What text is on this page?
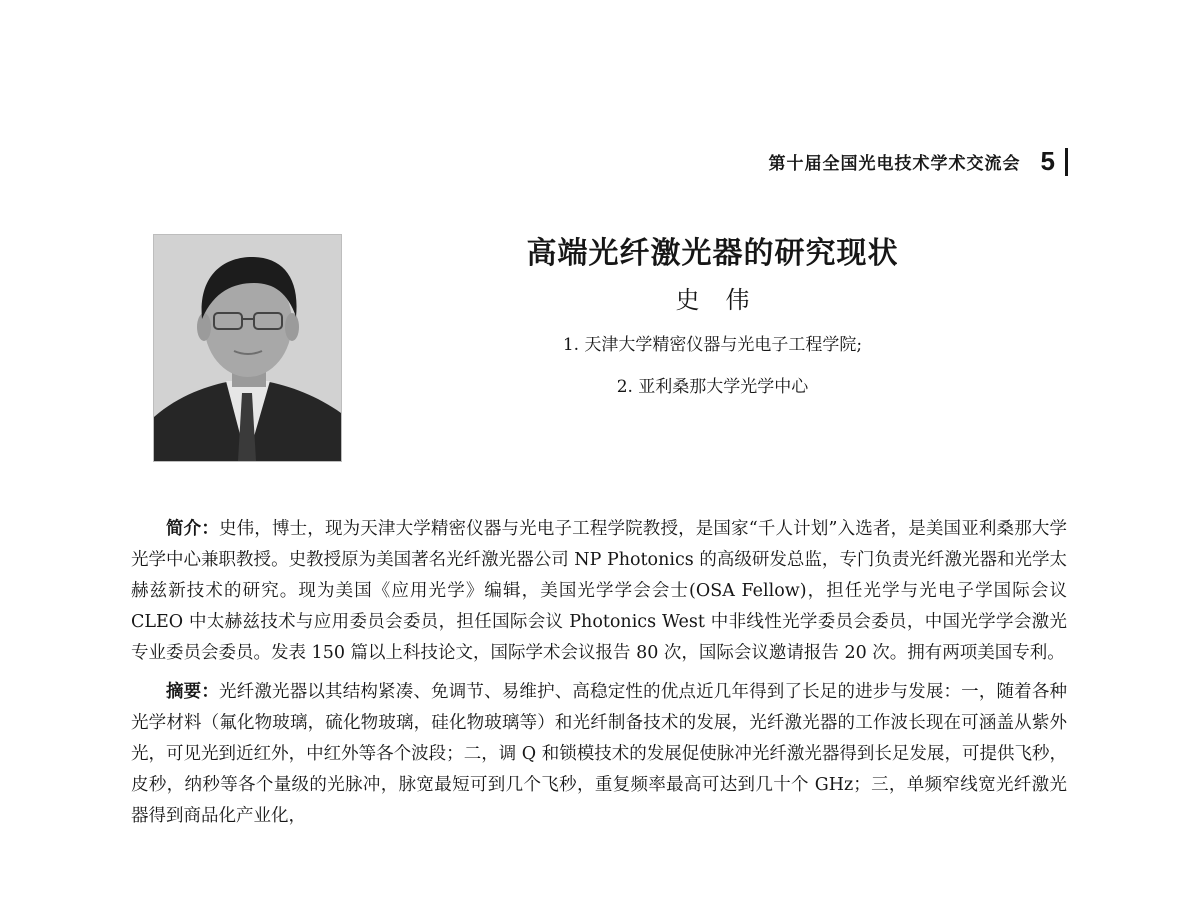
第十届全国光电技术学术交流会 5
高端光纤激光器的研究现状
史伟
1. 天津大学精密仪器与光电子工程学院;
2. 亚利桑那大学光学中心

简介：史伟，博士，现为天津大学精密仪器与光电子工程学院教授，是国家“千人计划”入选者，是美国亚利桑那大学光学中心兼职教授。史教授原为美国著名光纤激光器公司 NP Photonics 的高级研发总监，专门负责光纤激光器和光学太赫兹新技术的研究。现为美国《应用光学》编辑，美国光学学会会士(OSA Fellow)，担任光学与光电子学国际会议 CLEO 中太赫兹技术与应用委员会委员，担任国际会议 Photonics West 中非线性光学委员会委员，中国光学学会激光专业委员会委员。发表 150 篇以上科技论文，国际学术会议报告 80 次，国际会议邀请报告 20 次。拥有两项美国专利。

摘要：光纤激光器以其结构紧凑、免调节、易维护、高稳定性的优点近几年得到了长足的进步与发展：一，随着各种光学材料（氟化物玻璃，硫化物玻璃，硅化物玻璃等）和光纤制备技术的发展，光纤激光器的工作波长现在可涵盖从紫外光，可见光到近红外，中红外等各个波段；二，调 Q 和锁模技术的发展促使脉冲光纤激光器得到长足发展，可提供飞秒，皮秒，纳秒等各个量级的光脉冲，脉宽最短可到几个飞秒，重复频率最高可达到几十个 GHz；三，单频窄线宽光纤激光器得到商品化产业化，
